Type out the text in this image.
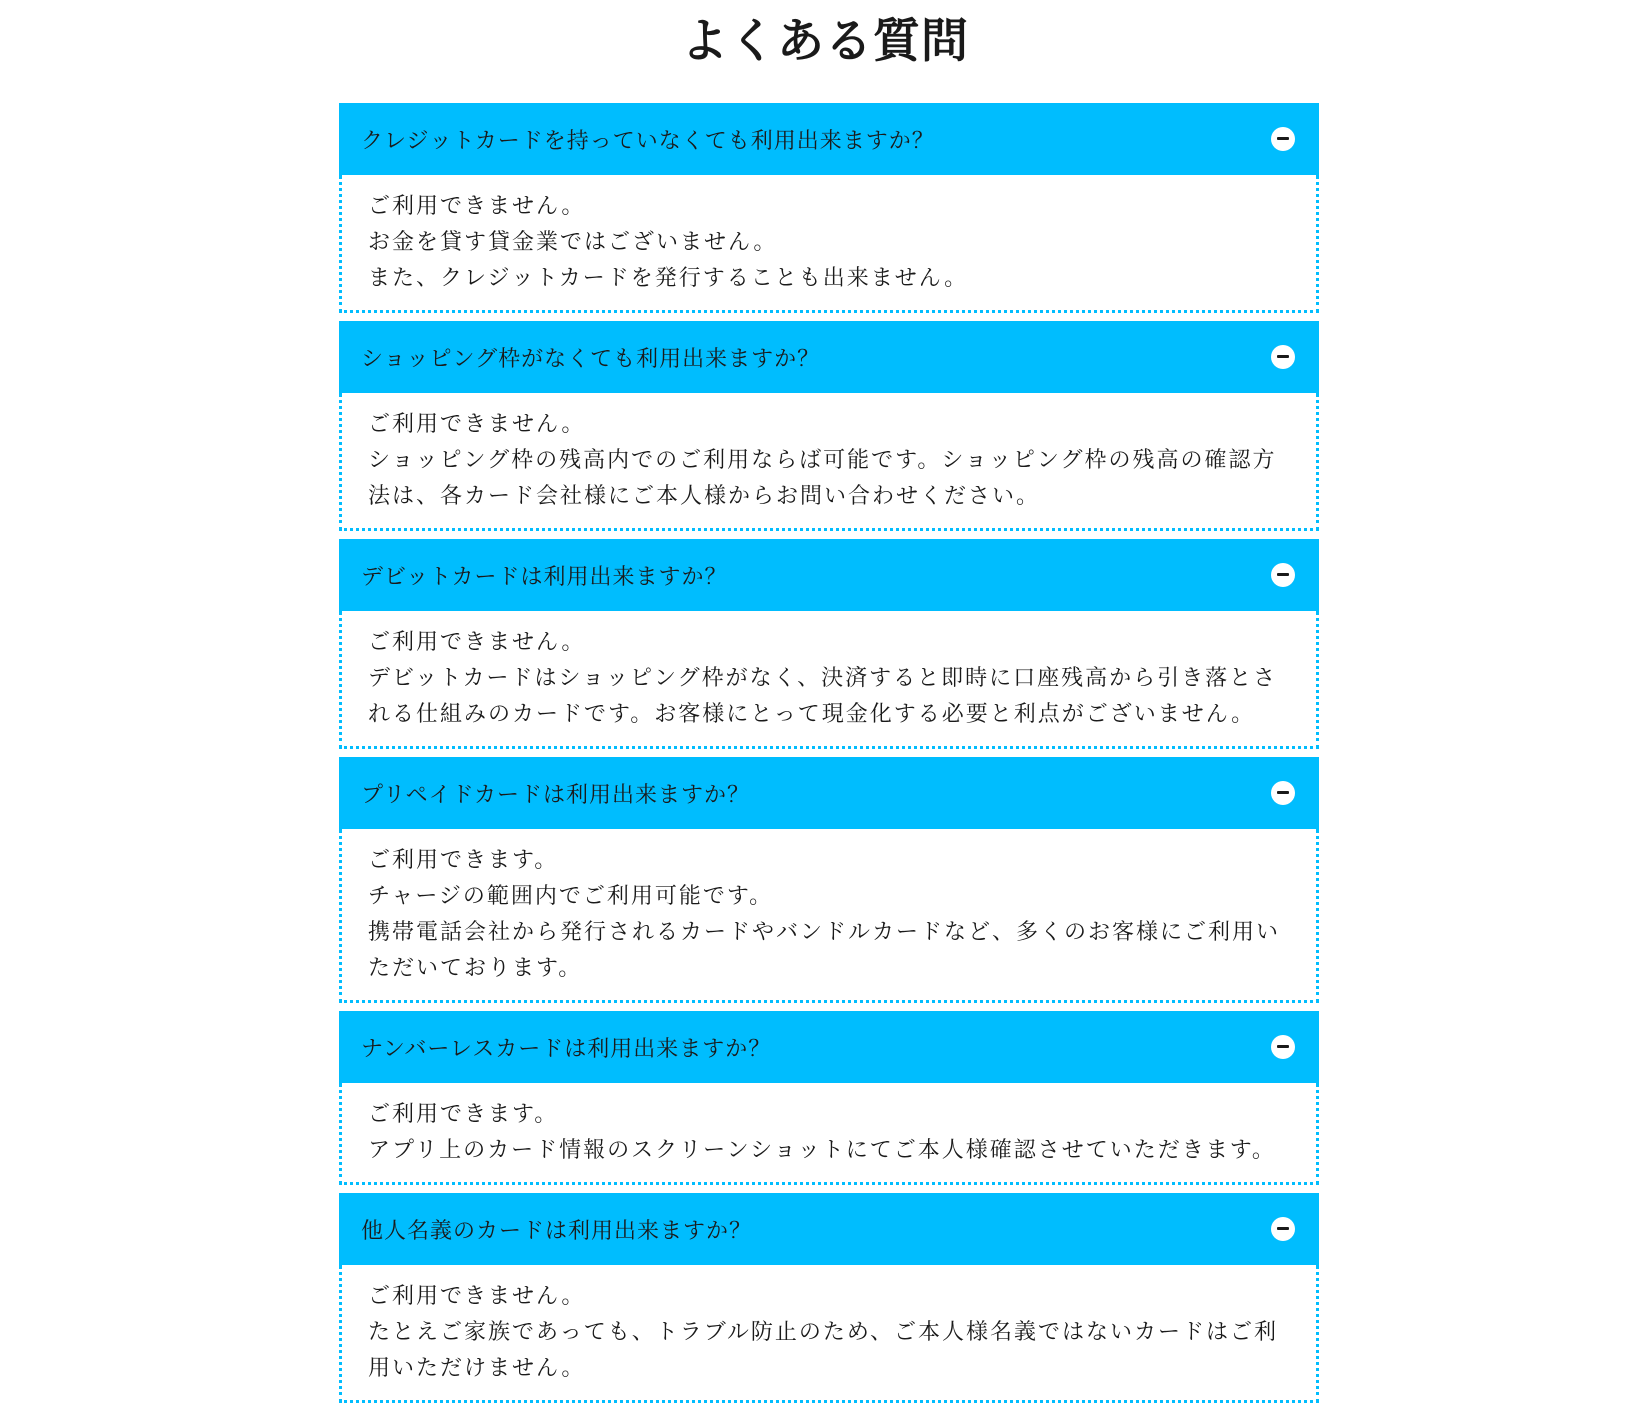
よくある質問
クレジットカードを持っていなくても利用出来ますか？
ご利用できません。
お金を貸す貸金業ではございません。
また、クレジットカードを発行することも出来ません。
ショッピング枠がなくても利用出来ますか？
ご利用できません。
ショッピング枠の残高内でのご利用ならば可能です。ショッピング枠の残高の確認方
法は、各カード会社様にご本人様からお問い合わせください。
デビットカードは利用出来ますか？
ご利用できません。
デビットカードはショッピング枠がなく、決済すると即時に口座残高から引き落とさ
れる仕組みのカードです。お客様にとって現金化する必要と利点がございません。
プリペイドカードは利用出来ますか？
ご利用できます。
チャージの範囲内でご利用可能です。
携帯電話会社から発行されるカードやバンドルカードなど、多くのお客様にご利用い
ただいております。
ナンバーレスカードは利用出来ますか？
ご利用できます。
アプリ上のカード情報のスクリーンショットにてご本人様確認させていただきます。
他人名義のカードは利用出来ますか？
ご利用できません。
たとえご家族であっても、トラブル防止のため、ご本人様名義ではないカードはご利
用いただけません。
